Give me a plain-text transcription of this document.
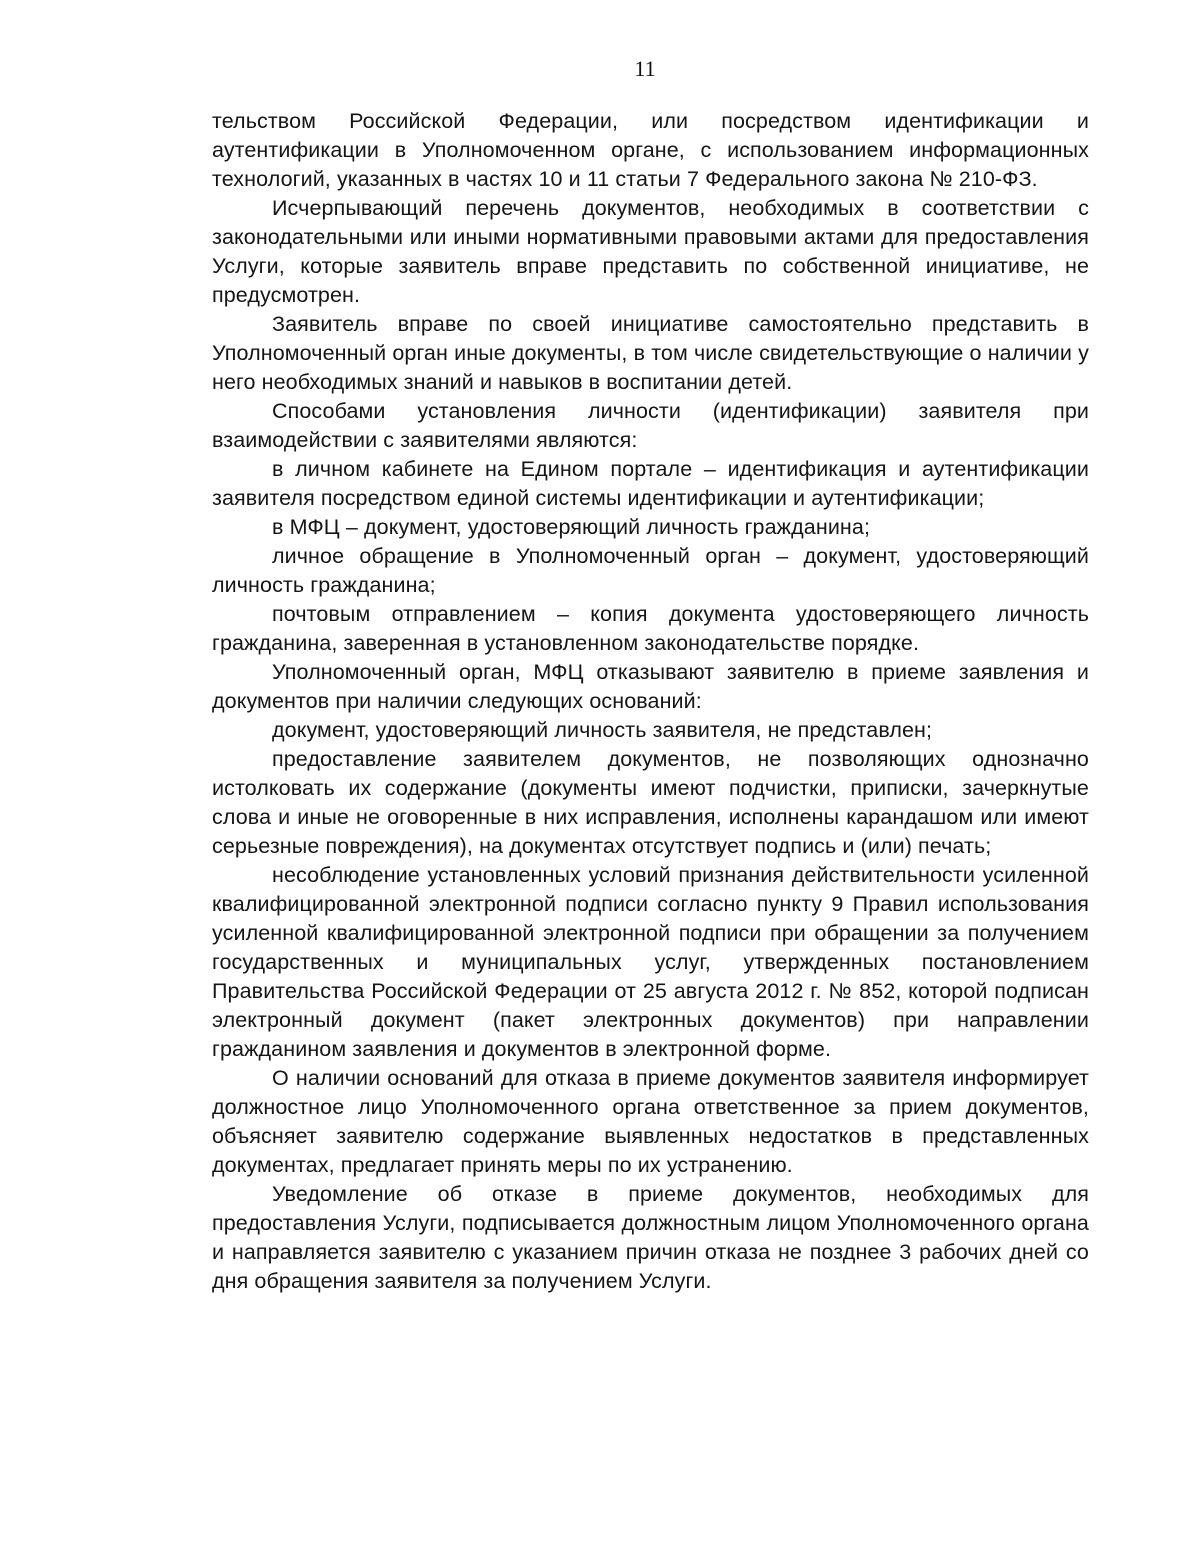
11

тельством Российской Федерации, или посредством идентификации и аутентификации в Уполномоченном органе, с использованием информационных технологий, указанных в частях 10 и 11 статьи 7 Федерального закона № 210-ФЗ.

Исчерпывающий перечень документов, необходимых в соответствии с законодательными или иными нормативными правовыми актами для предоставления Услуги, которые заявитель вправе представить по собственной инициативе, не предусмотрен.

Заявитель вправе по своей инициативе самостоятельно представить в Уполномоченный орган иные документы, в том числе свидетельствующие о наличии у него необходимых знаний и навыков в воспитании детей.

Способами установления личности (идентификации) заявителя при взаимодействии с заявителями являются:

в личном кабинете на Едином портале – идентификация и аутентификации заявителя посредством единой системы идентификации и аутентификации;

в МФЦ – документ, удостоверяющий личность гражданина;

личное обращение в Уполномоченный орган – документ, удостоверяющий личность гражданина;

почтовым отправлением – копия документа удостоверяющего личность гражданина, заверенная в установленном законодательстве порядке.

Уполномоченный орган, МФЦ отказывают заявителю в приеме заявления и документов при наличии следующих оснований:

документ, удостоверяющий личность заявителя, не представлен;

предоставление заявителем документов, не позволяющих однозначно истолковать их содержание (документы имеют подчистки, приписки, зачеркнутые слова и иные не оговоренные в них исправления, исполнены карандашом или имеют серьезные повреждения), на документах отсутствует подпись и (или) печать;

несоблюдение установленных условий признания действительности усиленной квалифицированной электронной подписи согласно пункту 9 Правил использования усиленной квалифицированной электронной подписи при обращении за получением государственных и муниципальных услуг, утвержденных постановлением Правительства Российской Федерации от 25 августа 2012 г. № 852, которой подписан электронный документ (пакет электронных документов) при направлении гражданином заявления и документов в электронной форме.

О наличии оснований для отказа в приеме документов заявителя информирует должностное лицо Уполномоченного органа ответственное за прием документов, объясняет заявителю содержание выявленных недостатков в представленных документах, предлагает принять меры по их устранению.

Уведомление об отказе в приеме документов, необходимых для предоставления Услуги, подписывается должностным лицом Уполномоченного органа и направляется заявителю с указанием причин отказа не позднее 3 рабочих дней со дня обращения заявителя за получением Услуги.
